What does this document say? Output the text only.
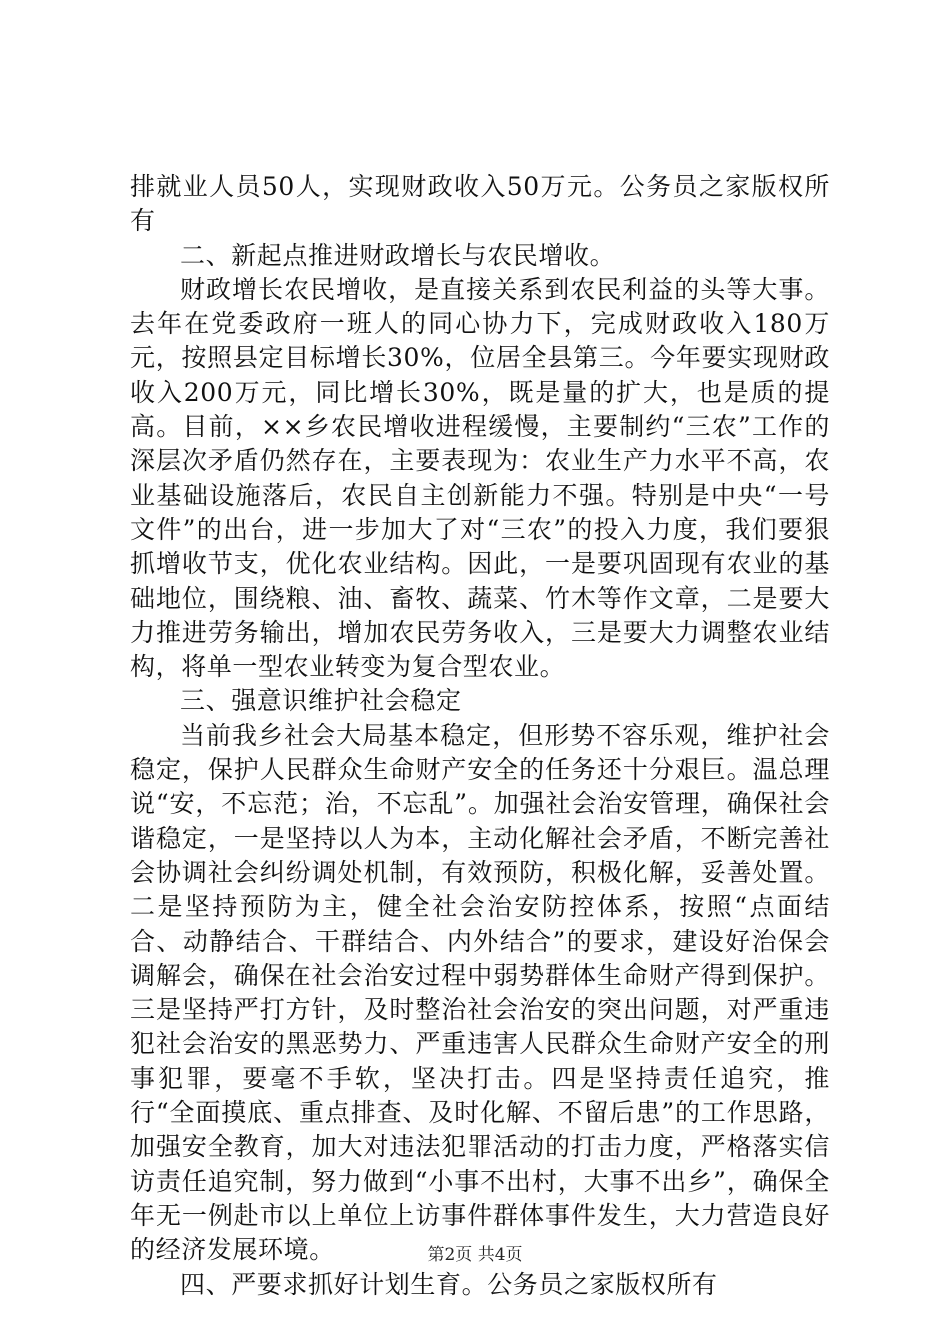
排就业人员50人，实现财政收入50万元。公务员之家版权所有

二、新起点推进财政增长与农民增收。

财政增长农民增收，是直接关系到农民利益的头等大事。去年在党委政府一班人的同心协力下，完成财政收入180万元，按照县定目标增长30%，位居全县第三。今年要实现财政收入200万元，同比增长30%，既是量的扩大，也是质的提高。目前，××乡农民增收进程缓慢，主要制约“三农”工作的深层次矛盾仍然存在，主要表现为：农业生产力水平不高，农业基础设施落后，农民自主创新能力不强。特别是中央“一号文件”的出台，进一步加大了对“三农”的投入力度，我们要狠抓增收节支，优化农业结构。因此，一是要巩固现有农业的基础地位，围绕粮、油、畜牧、蔬菜、竹木等作文章，二是要大力推进劳务输出，增加农民劳务收入，三是要大力调整农业结构，将单一型农业转变为复合型农业。

三、强意识维护社会稳定

当前我乡社会大局基本稳定，但形势不容乐观，维护社会稳定，保护人民群众生命财产安全的任务还十分艰巨。温总理说“安，不忘范；治，不忘乱”。加强社会治安管理，确保社会谐稳定，一是坚持以人为本，主动化解社会矛盾，不断完善社会协调社会纠纷调处机制，有效预防，积极化解，妥善处置。二是坚持预防为主，健全社会治安防控体系，按照“点面结合、动静结合、干群结合、内外结合”的要求，建设好治保会调解会，确保在社会治安过程中弱势群体生命财产得到保护。三是坚持严打方针，及时整治社会治安的突出问题，对严重违犯社会治安的黑恶势力、严重违害人民群众生命财产安全的刑事犯罪，要毫不手软，坚决打击。四是坚持责任追究，推行“全面摸底、重点排查、及时化解、不留后患”的工作思路，加强安全教育，加大对违法犯罪活动的打击力度，严格落实信访责任追究制，努力做到“小事不出村，大事不出乡”，确保全年无一例赴市以上单位上访事件群体事件发生，大力营造良好的经济发展环境。

四、严要求抓好计划生育。公务员之家版权所有

第2页 共4页
